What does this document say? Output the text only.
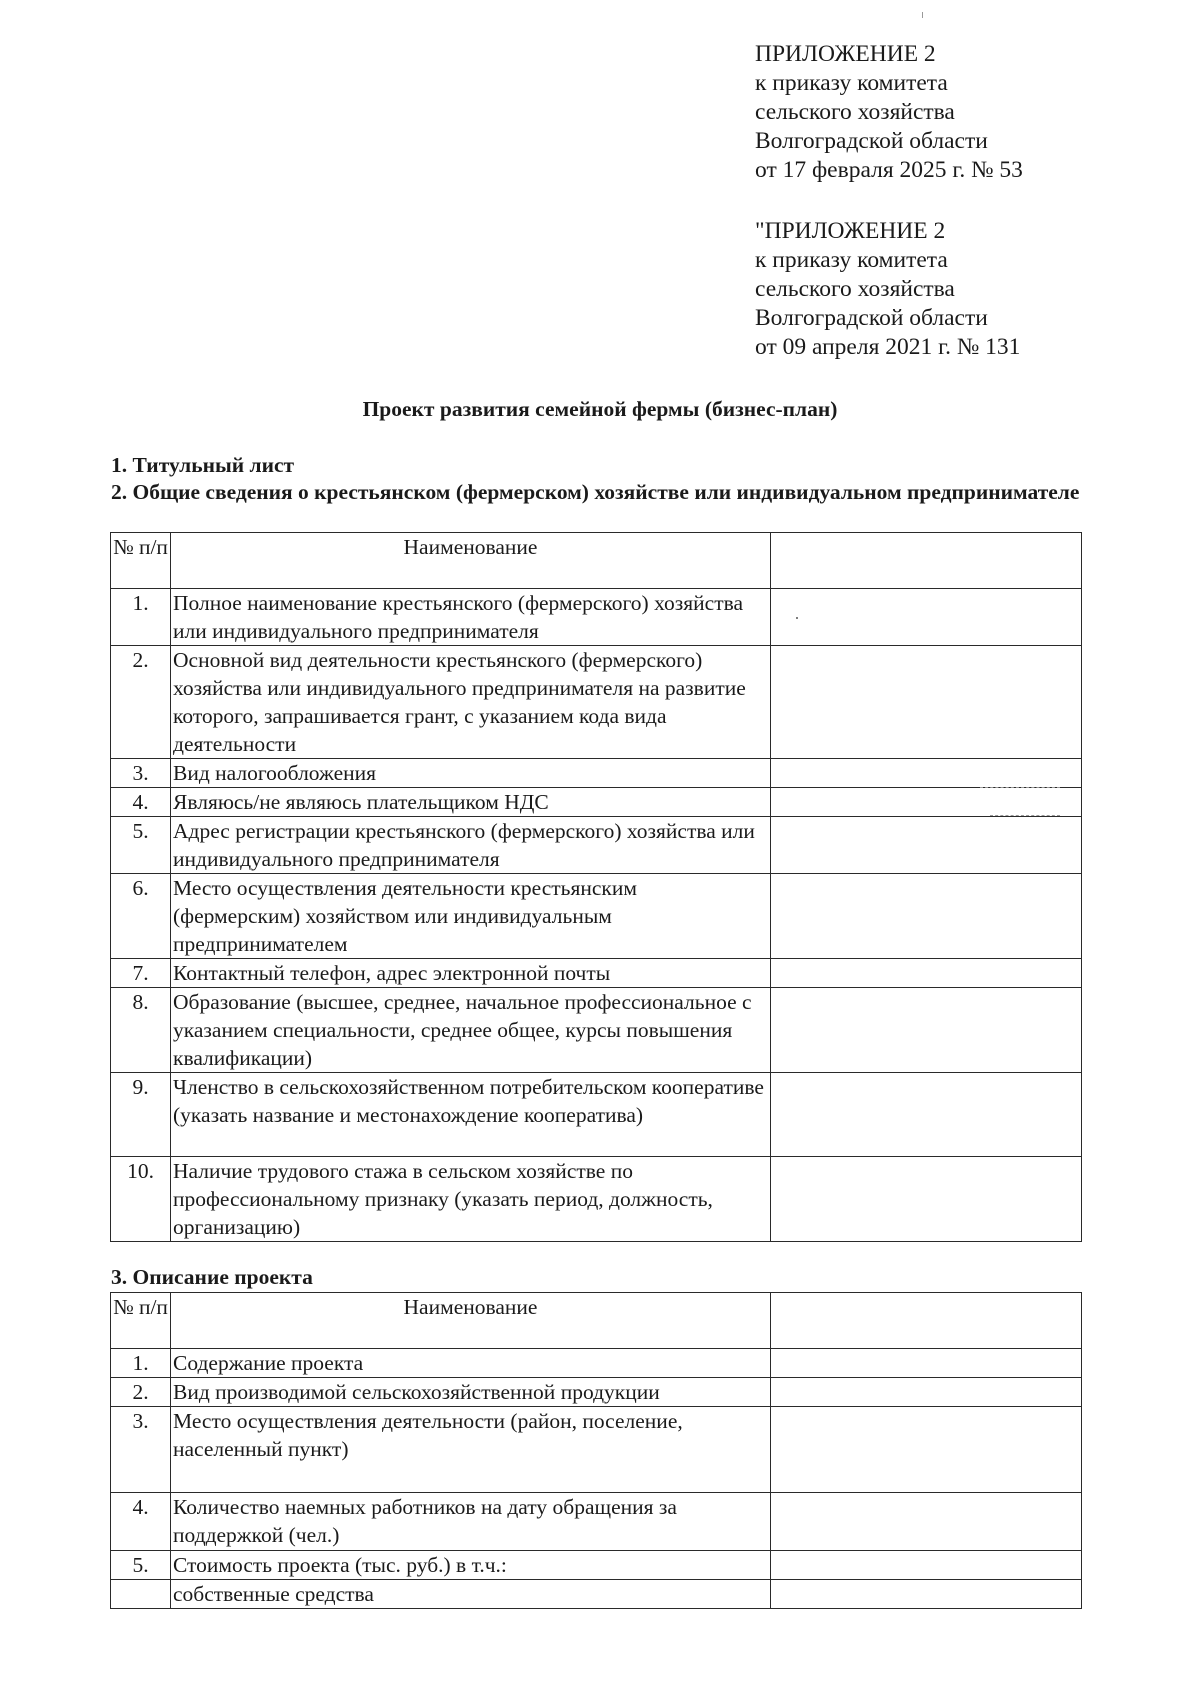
ПРИЛОЖЕНИЕ 2
к приказу комитета
сельского хозяйства
Волгоградской области
от 17 февраля 2025 г. № 53
"ПРИЛОЖЕНИЕ 2
к приказу комитета
сельского хозяйства
Волгоградской области
от 09 апреля 2021 г. № 131
Проект развития семейной фермы (бизнес-план)
1. Титульный лист
2. Общие сведения о крестьянском (фермерском) хозяйстве или индивидуальном предпринимателе
№ п/п	Наименование	
1.	Полное наименование крестьянского (фермерского) хозяйства или индивидуального предпринимателя	
2.	Основной вид деятельности крестьянского (фермерского) хозяйства или индивидуального предпринимателя на развитие которого, запрашивается грант, с указанием кода вида деятельности	
3.	Вид налогообложения	
4.	Являюсь/не являюсь плательщиком НДС	
5.	Адрес регистрации крестьянского (фермерского) хозяйства или индивидуального предпринимателя	
6.	Место осуществления деятельности крестьянским (фермерским) хозяйством или индивидуальным предпринимателем	
7.	Контактный телефон, адрес электронной почты	
8.	Образование (высшее, среднее, начальное профессиональное с указанием специальности, среднее общее, курсы повышения квалификации)	
9.	Членство в сельскохозяйственном потребительском кооперативе (указать название и местонахождение кооператива)	
10.	Наличие трудового стажа в сельском хозяйстве по профессиональному признаку (указать период, должность, организацию)	
3. Описание проекта
№ п/п	Наименование	
1.	Содержание проекта	
2.	Вид производимой сельскохозяйственной продукции	
3.	Место осуществления деятельности (район, поселение, населенный пункт)	
4.	Количество наемных работников на дату обращения за поддержкой (чел.)	
5.	Стоимость проекта (тыс. руб.) в т.ч.:	
	собственные средства	
